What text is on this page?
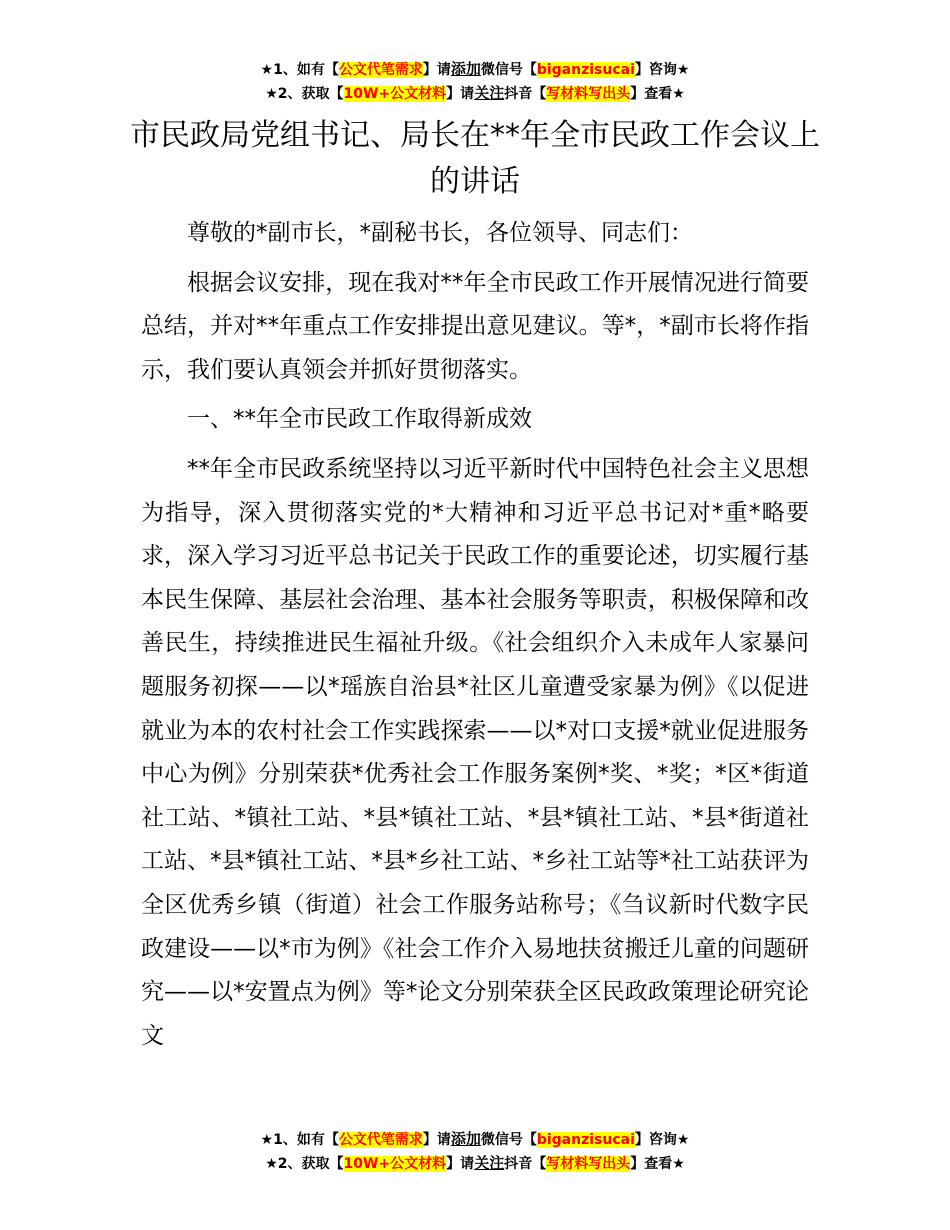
★1、如有【公文代笔需求】请添加微信号【biganzisucai】咨询★
★2、获取【10W+公文材料】请关注抖音【写材料写出头】查看★
市民政局党组书记、局长在**年全市民政工作会议上的讲话

尊敬的*副市长，*副秘书长，各位领导、同志们：

根据会议安排，现在我对**年全市民政工作开展情况进行简要总结，并对**年重点工作安排提出意见建议。等*，*副市长将作指示，我们要认真领会并抓好贯彻落实。

一、**年全市民政工作取得新成效

**年全市民政系统坚持以习近平新时代中国特色社会主义思想为指导，深入贯彻落实党的*大精神和习近平总书记对*重*略要求，深入学习习近平总书记关于民政工作的重要论述，切实履行基本民生保障、基层社会治理、基本社会服务等职责，积极保障和改善民生，持续推进民生福祉升级。《社会组织介入未成年人家暴问题服务初探——以*瑶族自治县*社区儿童遭受家暴为例》《以促进就业为本的农村社会工作实践探索——以*对口支援*就业促进服务中心为例》分别荣获*优秀社会工作服务案例*奖、*奖；*区*街道社工站、*镇社工站、*县*镇社工站、*县*镇社工站、*县*街道社工站、*县*镇社工站、*县*乡社工站、*乡社工站等*社工站获评为全区优秀乡镇（街道）社会工作服务站称号；《刍议新时代数字民政建设——以*市为例》《社会工作介入易地扶贫搬迁儿童的问题研究——以*安置点为例》等*论文分别荣获全区民政政策理论研究论文

★1、如有【公文代笔需求】请添加微信号【biganzisucai】咨询★
★2、获取【10W+公文材料】请关注抖音【写材料写出头】查看★
